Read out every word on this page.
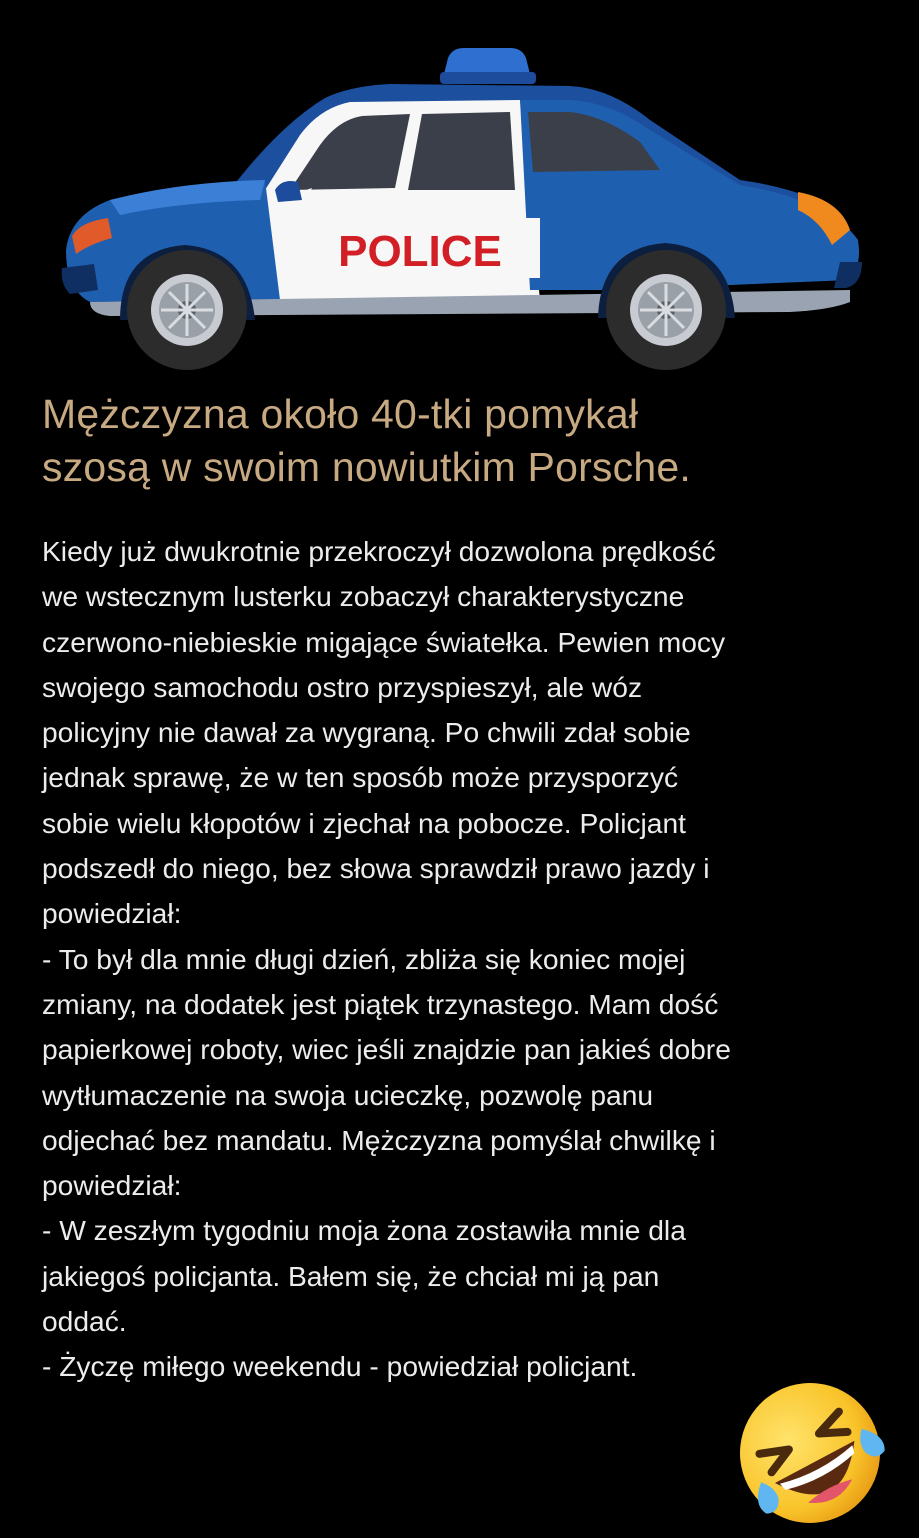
POLICE
Mężczyzna około 40-tki pomykał
szosą w swoim nowiutkim Porsche.

Kiedy już dwukrotnie przekroczył dozwolona prędkość

we wstecznym lusterku zobaczył charakterystyczne

czerwono-niebieskie migające światełka. Pewien mocy

swojego samochodu ostro przyspieszył, ale wóz

policyjny nie dawał za wygraną. Po chwili zdał sobie

jednak sprawę, że w ten sposób może przysporzyć

sobie wielu kłopotów i zjechał na pobocze. Policjant

podszedł do niego, bez słowa sprawdził prawo jazdy i

powiedział:

- To był dla mnie długi dzień, zbliża się koniec mojej

zmiany, na dodatek jest piątek trzynastego. Mam dość

papierkowej roboty, wiec jeśli znajdzie pan jakieś dobre

wytłumaczenie na swoja ucieczkę, pozwolę panu

odjechać bez mandatu. Mężczyzna pomyślał chwilkę i

powiedział:

- W zeszłym tygodniu moja żona zostawiła mnie dla

jakiegoś policjanta. Bałem się, że chciał mi ją pan

oddać.

- Życzę miłego weekendu - powiedział policjant.
